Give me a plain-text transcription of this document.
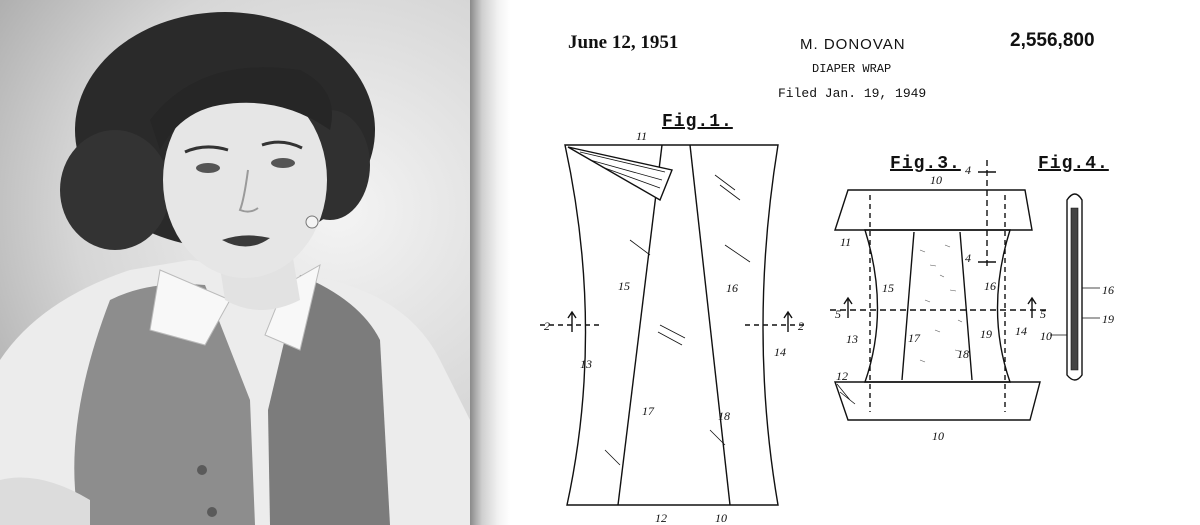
June 12, 1951	M. DONOVAN	2,556,800
DIAPER WRAP
Filed Jan. 19, 1949
Fig.1.
Fig.3.	Fig.4.
11
15	16
2	2
13
14
17	18
12	10
10
4
11
4
15	16
5	5
13
14
17	19
18
12
10
16
19
10
